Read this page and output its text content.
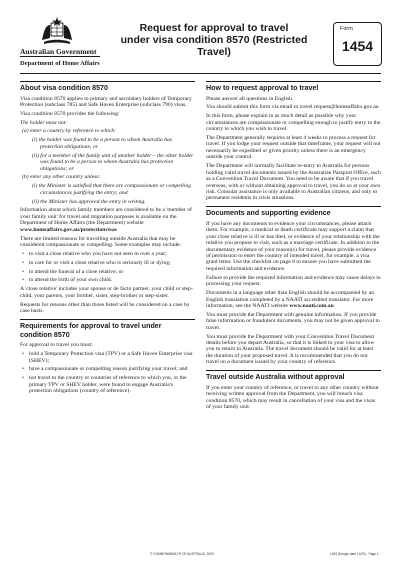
Australian Government
Department of Home Affairs
Request for approval to travel
under visa condition 8570 (Restricted Travel)
Form
1454
About visa condition 8570
Visa condition 8570 applies to primary and secondary holders of Temporary Protection (subclass 785) and Safe Haven Enterprise (subclass 790) visas.
Visa condition 8570 provides the following:
The holder must not:
(a) enter a country by reference to which:
(i) the holder was found to be a person to whom Australia has protection obligations; or
(ii) for a member of the family unit of another holder – the other holder was found to be a person to whom Australia has protection obligations; or
(b) enter any other country unless:
(i) the Minister is satisfied that there are compassionate or compelling circumstances justifying the entry; and
(ii) the Minister has approved the entry in writing.
Information about which family members are considered to be a 'member of your family unit' for travel and migration purposes is available on the Department of Home Affairs (the Department) website www.homeaffairs.gov.au/protectionvisas
There are limited reasons for travelling outside Australia that may be considered compassionate or compelling. Some examples may include:
• to visit a close relative who you have not seen in over a year;
• to care for or visit a close relative who is seriously ill or dying;
• to attend the funeral of a close relative; or
• to attend the birth of your own child.
A 'close relative' includes your spouse or de facto partner, your child or step-child, your parents, your brother, sister, step-brother or step-sister.
Requests for reasons other than those listed will be considered on a case by case basis.
Requirements for approval to travel under condition 8570
For approval to travel you must:
• hold a Temporary Protection visa (TPV) or a Safe Haven Enterprise visa (SHEV);
• have a compassionate or compelling reason justifying your travel; and
• not travel to the country or countries of reference to which you, or the primary TPV or SHEV holder, were found to engage Australia's protection obligations (country of reference).
How to request approval to travel
Please answer all questions in English.
You should submit this form via email to travel.request@homeaffairs.gov.au
In this form, please explain in as much detail as possible why your circumstances are compassionate or compelling enough to justify entry to the country to which you wish to travel.
The Department generally requires at least 4 weeks to process a request for travel. If you lodge your request outside that timeframe, your request will not necessarily be expedited or given priority unless there is an emergency outside your control.
The Department will normally facilitate re-entry to Australia for persons holding valid travel documents issued by the Australian Passport Office, such as a Convention Travel Document. You need to be aware that if you travel overseas, with or without obtaining approval to travel, you do so at your own risk. Consular assistance is only available to Australian citizens, and only to permanent residents in crisis situations.
Documents and supporting evidence
If you have any documents to evidence your circumstances, please attach them. For example, a medical or death certificate may support a claim that your close relative is ill or has died, or evidence of your relationship with the relative you propose to visit, such as a marriage certificate. In addition to the documentary evidence of your reason(s) for travel, please provide evidence of permission to enter the country of intended travel, for example, a visa grant letter. Use the checklist on page 8 to ensure you have submitted the required information and evidence.
Failure to provide the required information and evidence may cause delays in processing your request.
Documents in a language other than English should be accompanied by an English translation completed by a NAATI accredited translator. For more information, see the NAATI website www.naati.com.au
You must provide the Department with genuine information. If you provide false information or fraudulent documents, you may not be given approval to travel.
You must provide the Department with your Convention Travel Document details before you depart Australia, so that it is linked to your visa to allow you to return to Australia. The travel document should be valid for at least the duration of your proposed travel. It is recommended that you do not travel on a document issued by your country of reference.
Travel outside Australia without approval
If you enter your country of reference, or travel to any other country without receiving written approval from the Department, you will breach visa condition 8570, which may result in cancellation of your visa and the visas of your family unit.
© COMMONWEALTH OF AUSTRALIA, 2020	1454 (Design date 11/20) - Page 1
